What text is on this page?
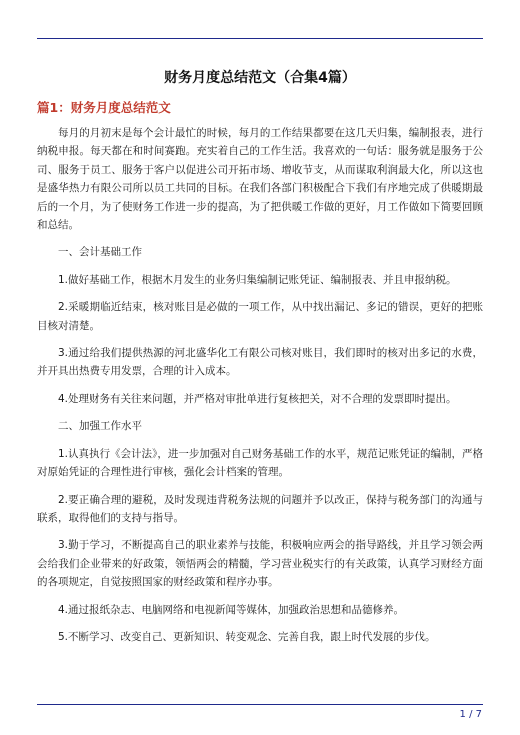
财务月度总结范文（合集4篇）
篇1：财务月度总结范文

每月的月初末是每个会计最忙的时候，每月的工作结果都要在这几天归集，编制报表，进行纳税申报。每天都在和时间赛跑。充实着自己的工作生活。我喜欢的一句话：服务就是服务于公司、服务于员工、服务于客户以促进公司开拓市场、增收节支，从而谋取利润最大化，所以这也是盛华热力有限公司所以员工共同的目标。在我们各部门积极配合下我们有序地完成了供暖期最后的一个月，为了使财务工作进一步的提高，为了把供暖工作做的更好，月工作做如下简要回顾和总结。

一、会计基础工作

1.做好基础工作，根据木月发生的业务归集编制记账凭证、编制报表、并且申报纳税。

2.采暖期临近结束，核对账目是必做的一项工作，从中找出漏记、多记的错误，更好的把账目核对清楚。

3.通过给我们提供热源的河北盛华化工有限公司核对账目，我们即时的核对出多记的水费，并开具出热费专用发票，合理的计入成本。

4.处理财务有关往来问题，并严格对审批单进行复核把关，对不合理的发票即时提出。

二、加强工作水平

1.认真执行《会计法》，进一步加强对自己财务基础工作的水平，规范记账凭证的编制，严格对原始凭证的合理性进行审核，强化会计档案的管理。

2.要正确合理的避税，及时发现违背税务法规的问题并予以改正，保持与税务部门的沟通与联系，取得他们的支持与指导。

3.勤于学习，不断提高自己的职业素养与技能，积极响应两会的指导路线，并且学习领会两会给我们企业带来的好政策，领悟两会的精髓，学习营业税实行的有关政策，认真学习财经方面的各项规定，自觉按照国家的财经政策和程序办事。

4.通过报纸杂志、电脑网络和电视新闻等媒体，加强政治思想和品德修养。

5.不断学习、改变自己、更新知识、转变观念、完善自我，跟上时代发展的步伐。

1 / 7
